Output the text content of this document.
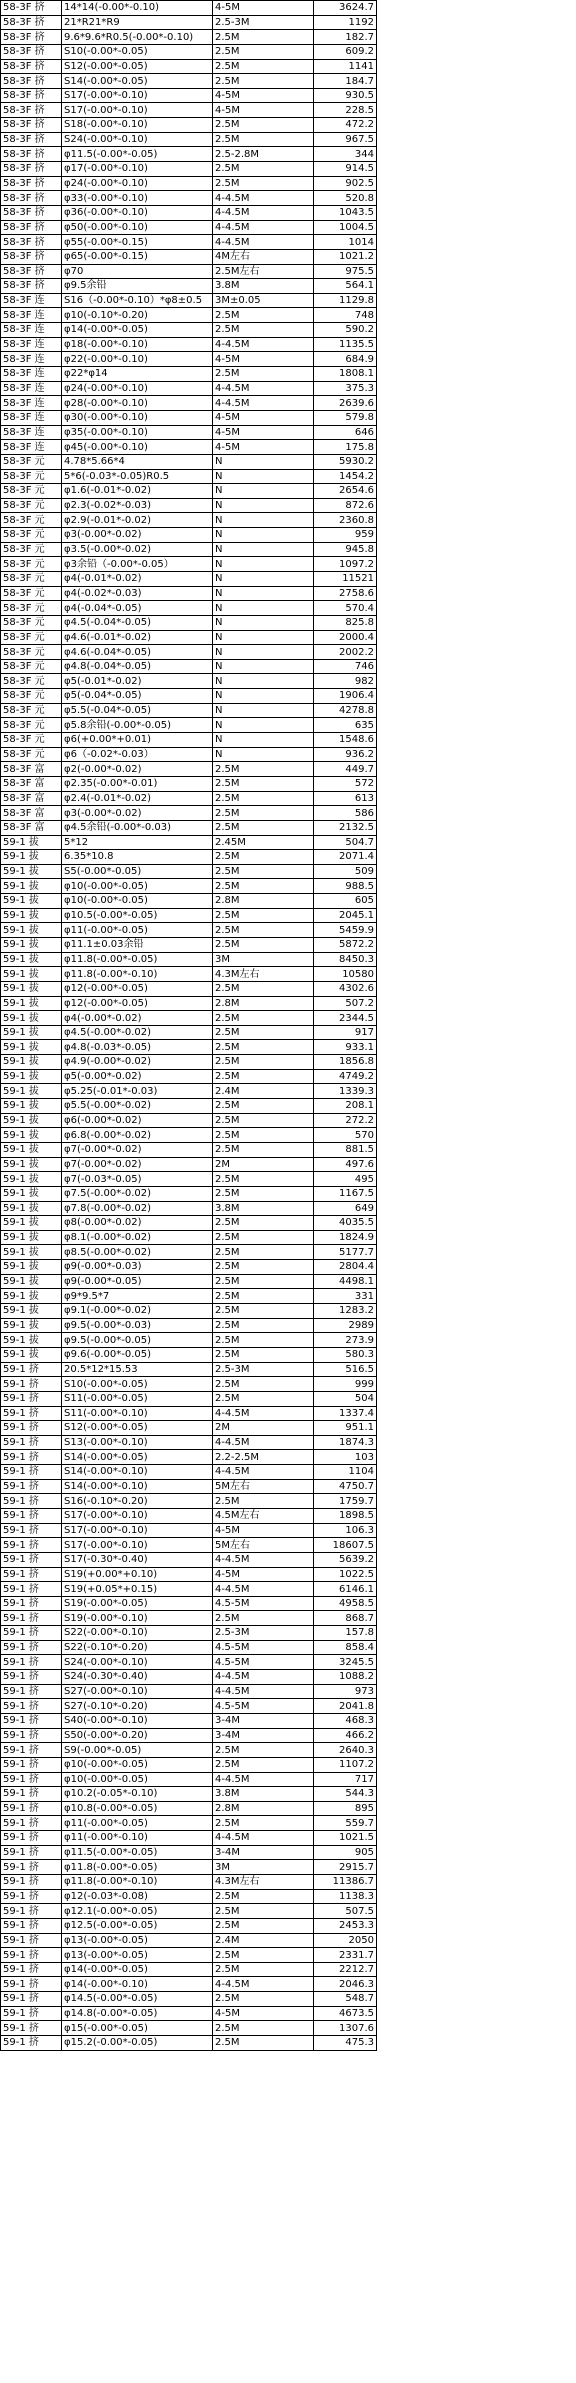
58-3F 挤	14*14(-0.00*-0.10)	4-5M	3624.7
58-3F 挤	21*R21*R9	2.5-3M	1192
58-3F 挤	9.6*9.6*R0.5(-0.00*-0.10)	2.5M	182.7
58-3F 挤	S10(-0.00*-0.05)	2.5M	609.2
58-3F 挤	S12(-0.00*-0.05)	2.5M	1141
58-3F 挤	S14(-0.00*-0.05)	2.5M	184.7
58-3F 挤	S17(-0.00*-0.10)	4-5M	930.5
58-3F 挤	S17(-0.00*-0.10)	4-5M	228.5
58-3F 挤	S18(-0.00*-0.10)	2.5M	472.2
58-3F 挤	S24(-0.00*-0.10)	2.5M	967.5
58-3F 挤	φ11.5(-0.00*-0.05)	2.5-2.8M	344
58-3F 挤	φ17(-0.00*-0.10)	2.5M	914.5
58-3F 挤	φ24(-0.00*-0.10)	2.5M	902.5
58-3F 挤	φ33(-0.00*-0.10)	4-4.5M	520.8
58-3F 挤	φ36(-0.00*-0.10)	4-4.5M	1043.5
58-3F 挤	φ50(-0.00*-0.10)	4-4.5M	1004.5
58-3F 挤	φ55(-0.00*-0.15)	4-4.5M	1014
58-3F 挤	φ65(-0.00*-0.15)	4M左右	1021.2
58-3F 挤	φ70	2.5M左右	975.5
58-3F 挤	φ9.5余铅	3.8M	564.1
58-3F 连	S16（-0.00*-0.10）*φ8±0.5	3M±0.05	1129.8
58-3F 连	φ10(-0.10*-0.20)	2.5M	748
58-3F 连	φ14(-0.00*-0.05)	2.5M	590.2
58-3F 连	φ18(-0.00*-0.10)	4-4.5M	1135.5
58-3F 连	φ22(-0.00*-0.10)	4-5M	684.9
58-3F 连	φ22*φ14	2.5M	1808.1
58-3F 连	φ24(-0.00*-0.10)	4-4.5M	375.3
58-3F 连	φ28(-0.00*-0.10)	4-4.5M	2639.6
58-3F 连	φ30(-0.00*-0.10)	4-5M	579.8
58-3F 连	φ35(-0.00*-0.10)	4-5M	646
58-3F 连	φ45(-0.00*-0.10)	4-5M	175.8
58-3F 元	4.78*5.66*4	N	5930.2
58-3F 元	5*6(-0.03*-0.05)R0.5	N	1454.2
58-3F 元	φ1.6(-0.01*-0.02)	N	2654.6
58-3F 元	φ2.3(-0.02*-0.03)	N	872.6
58-3F 元	φ2.9(-0.01*-0.02)	N	2360.8
58-3F 元	φ3(-0.00*-0.02)	N	959
58-3F 元	φ3.5(-0.00*-0.02)	N	945.8
58-3F 元	φ3余铅（-0.00*-0.05）	N	1097.2
58-3F 元	φ4(-0.01*-0.02)	N	11521
58-3F 元	φ4(-0.02*-0.03)	N	2758.6
58-3F 元	φ4(-0.04*-0.05)	N	570.4
58-3F 元	φ4.5(-0.04*-0.05)	N	825.8
58-3F 元	φ4.6(-0.01*-0.02)	N	2000.4
58-3F 元	φ4.6(-0.04*-0.05)	N	2002.2
58-3F 元	φ4.8(-0.04*-0.05)	N	746
58-3F 元	φ5(-0.01*-0.02)	N	982
58-3F 元	φ5(-0.04*-0.05)	N	1906.4
58-3F 元	φ5.5(-0.04*-0.05)	N	4278.8
58-3F 元	φ5.8余铅(-0.00*-0.05)	N	635
58-3F 元	φ6(+0.00*+0.01)	N	1548.6
58-3F 元	φ6（-0.02*-0.03）	N	936.2
58-3F 富	φ2(-0.00*-0.02)	2.5M	449.7
58-3F 富	φ2.35(-0.00*-0.01)	2.5M	572
58-3F 富	φ2.4(-0.01*-0.02)	2.5M	613
58-3F 富	φ3(-0.00*-0.02)	2.5M	586
58-3F 富	φ4.5余铅(-0.00*-0.03)	2.5M	2132.5
59-1 拔	5*12	2.45M	504.7
59-1 拔	6.35*10.8	2.5M	2071.4
59-1 拔	S5(-0.00*-0.05)	2.5M	509
59-1 拔	φ10(-0.00*-0.05)	2.5M	988.5
59-1 拔	φ10(-0.00*-0.05)	2.8M	605
59-1 拔	φ10.5(-0.00*-0.05)	2.5M	2045.1
59-1 拔	φ11(-0.00*-0.05)	2.5M	5459.9
59-1 拔	φ11.1±0.03余铅	2.5M	5872.2
59-1 拔	φ11.8(-0.00*-0.05)	3M	8450.3
59-1 拔	φ11.8(-0.00*-0.10)	4.3M左右	10580
59-1 拔	φ12(-0.00*-0.05)	2.5M	4302.6
59-1 拔	φ12(-0.00*-0.05)	2.8M	507.2
59-1 拔	φ4(-0.00*-0.02)	2.5M	2344.5
59-1 拔	φ4.5(-0.00*-0.02)	2.5M	917
59-1 拔	φ4.8(-0.03*-0.05)	2.5M	933.1
59-1 拔	φ4.9(-0.00*-0.02)	2.5M	1856.8
59-1 拔	φ5(-0.00*-0.02)	2.5M	4749.2
59-1 拔	φ5.25(-0.01*-0.03)	2.4M	1339.3
59-1 拔	φ5.5(-0.00*-0.02)	2.5M	208.1
59-1 拔	φ6(-0.00*-0.02)	2.5M	272.2
59-1 拔	φ6.8(-0.00*-0.02)	2.5M	570
59-1 拔	φ7(-0.00*-0.02)	2.5M	881.5
59-1 拔	φ7(-0.00*-0.02)	2M	497.6
59-1 拔	φ7(-0.03*-0.05)	2.5M	495
59-1 拔	φ7.5(-0.00*-0.02)	2.5M	1167.5
59-1 拔	φ7.8(-0.00*-0.02)	3.8M	649
59-1 拔	φ8(-0.00*-0.02)	2.5M	4035.5
59-1 拔	φ8.1(-0.00*-0.02)	2.5M	1824.9
59-1 拔	φ8.5(-0.00*-0.02)	2.5M	5177.7
59-1 拔	φ9(-0.00*-0.03)	2.5M	2804.4
59-1 拔	φ9(-0.00*-0.05)	2.5M	4498.1
59-1 拔	φ9*9.5*7	2.5M	331
59-1 拔	φ9.1(-0.00*-0.02)	2.5M	1283.2
59-1 拔	φ9.5(-0.00*-0.03)	2.5M	2989
59-1 拔	φ9.5(-0.00*-0.05)	2.5M	273.9
59-1 拔	φ9.6(-0.00*-0.05)	2.5M	580.3
59-1 挤	20.5*12*15.53	2.5-3M	516.5
59-1 挤	S10(-0.00*-0.05)	2.5M	999
59-1 挤	S11(-0.00*-0.05)	2.5M	504
59-1 挤	S11(-0.00*-0.10)	4-4.5M	1337.4
59-1 挤	S12(-0.00*-0.05)	2M	951.1
59-1 挤	S13(-0.00*-0.10)	4-4.5M	1874.3
59-1 挤	S14(-0.00*-0.05)	2.2-2.5M	103
59-1 挤	S14(-0.00*-0.10)	4-4.5M	1104
59-1 挤	S14(-0.00*-0.10)	5M左右	4750.7
59-1 挤	S16(-0.10*-0.20)	2.5M	1759.7
59-1 挤	S17(-0.00*-0.10)	4.5M左右	1898.5
59-1 挤	S17(-0.00*-0.10)	4-5M	106.3
59-1 挤	S17(-0.00*-0.10)	5M左右	18607.5
59-1 挤	S17(-0.30*-0.40)	4-4.5M	5639.2
59-1 挤	S19(+0.00*+0.10)	4-5M	1022.5
59-1 挤	S19(+0.05*+0.15)	4-4.5M	6146.1
59-1 挤	S19(-0.00*-0.05)	4.5-5M	4958.5
59-1 挤	S19(-0.00*-0.10)	2.5M	868.7
59-1 挤	S22(-0.00*-0.10)	2.5-3M	157.8
59-1 挤	S22(-0.10*-0.20)	4.5-5M	858.4
59-1 挤	S24(-0.00*-0.10)	4.5-5M	3245.5
59-1 挤	S24(-0.30*-0.40)	4-4.5M	1088.2
59-1 挤	S27(-0.00*-0.10)	4-4.5M	973
59-1 挤	S27(-0.10*-0.20)	4.5-5M	2041.8
59-1 挤	S40(-0.00*-0.10)	3-4M	468.3
59-1 挤	S50(-0.00*-0.20)	3-4M	466.2
59-1 挤	S9(-0.00*-0.05)	2.5M	2640.3
59-1 挤	φ10(-0.00*-0.05)	2.5M	1107.2
59-1 挤	φ10(-0.00*-0.05)	4-4.5M	717
59-1 挤	φ10.2(-0.05*-0.10)	3.8M	544.3
59-1 挤	φ10.8(-0.00*-0.05)	2.8M	895
59-1 挤	φ11(-0.00*-0.05)	2.5M	559.7
59-1 挤	φ11(-0.00*-0.10)	4-4.5M	1021.5
59-1 挤	φ11.5(-0.00*-0.05)	3-4M	905
59-1 挤	φ11.8(-0.00*-0.05)	3M	2915.7
59-1 挤	φ11.8(-0.00*-0.10)	4.3M左右	11386.7
59-1 挤	φ12(-0.03*-0.08)	2.5M	1138.3
59-1 挤	φ12.1(-0.00*-0.05)	2.5M	507.5
59-1 挤	φ12.5(-0.00*-0.05)	2.5M	2453.3
59-1 挤	φ13(-0.00*-0.05)	2.4M	2050
59-1 挤	φ13(-0.00*-0.05)	2.5M	2331.7
59-1 挤	φ14(-0.00*-0.05)	2.5M	2212.7
59-1 挤	φ14(-0.00*-0.10)	4-4.5M	2046.3
59-1 挤	φ14.5(-0.00*-0.05)	2.5M	548.7
59-1 挤	φ14.8(-0.00*-0.05)	4-5M	4673.5
59-1 挤	φ15(-0.00*-0.05)	2.5M	1307.6
59-1 挤	φ15.2(-0.00*-0.05)	2.5M	475.3
